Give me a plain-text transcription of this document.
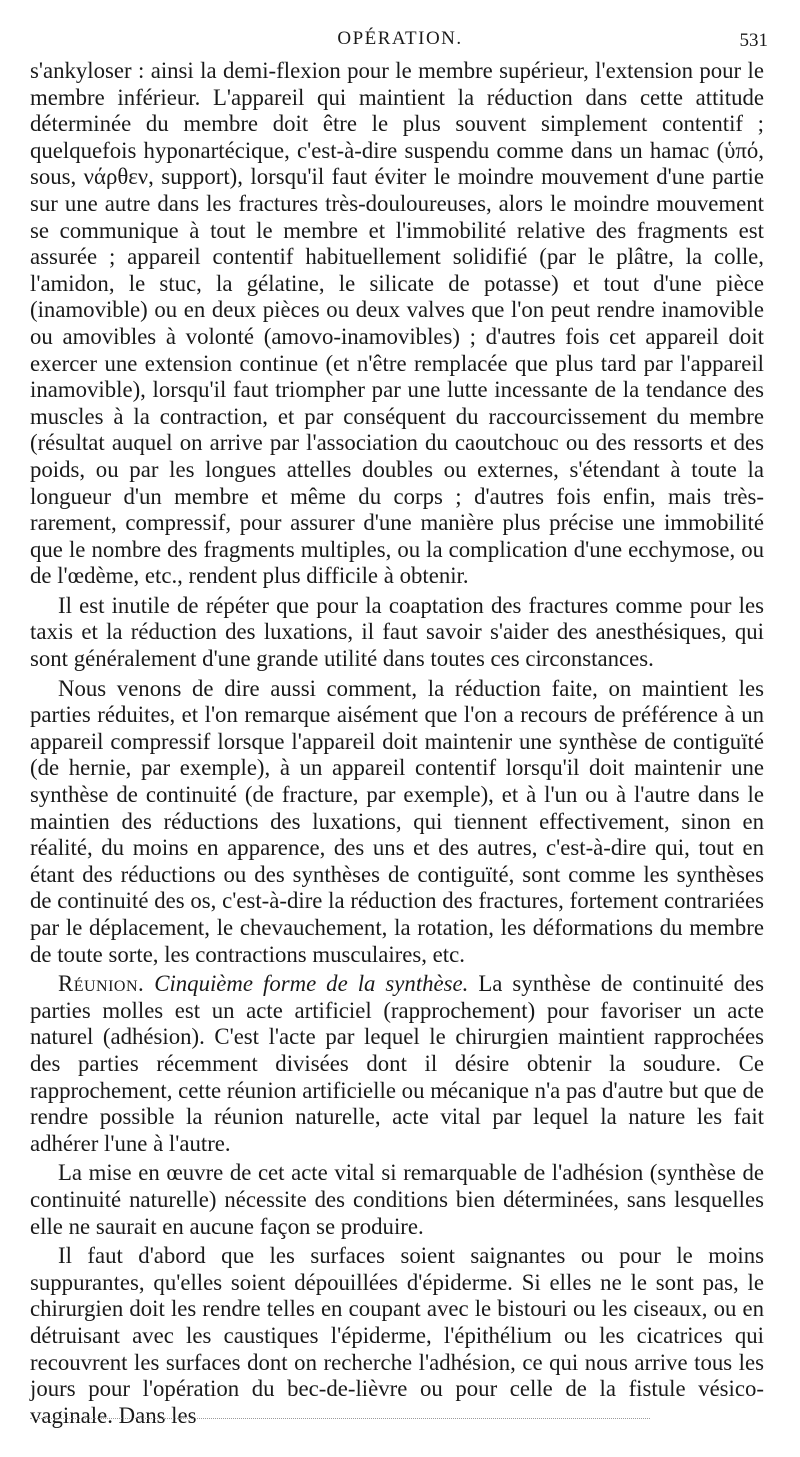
OPÉRATION.	531

s'ankyloser : ainsi la demi-flexion pour le membre supérieur, l'extension pour le membre inférieur. L'appareil qui maintient la réduction dans cette attitude déterminée du membre doit être le plus souvent simplement contentif ; quelquefois hyponartécique, c'est-à-dire suspendu comme dans un hamac (ὑπό, sous, νάρθεν, support), lorsqu'il faut éviter le moindre mouvement d'une partie sur une autre dans les fractures très-douloureuses, alors le moindre mouvement se communique à tout le membre et l'immobilité relative des fragments est assurée ; appareil contentif habituellement solidifié (par le plâtre, la colle, l'amidon, le stuc, la gélatine, le silicate de potasse) et tout d'une pièce (inamovible) ou en deux pièces ou deux valves que l'on peut rendre inamovible ou amovibles à volonté (amovo-inamovibles) ; d'autres fois cet appareil doit exercer une extension continue (et n'être remplacée que plus tard par l'appareil inamovible), lorsqu'il faut triompher par une lutte incessante de la tendance des muscles à la contraction, et par conséquent du raccourcissement du membre (résultat auquel on arrive par l'association du caoutchouc ou des ressorts et des poids, ou par les longues attelles doubles ou externes, s'étendant à toute la longueur d'un membre et même du corps ; d'autres fois enfin, mais très-rarement, compressif, pour assurer d'une manière plus précise une immobilité que le nombre des fragments multiples, ou la complication d'une ecchymose, ou de l'œdème, etc., rendent plus difficile à obtenir.

Il est inutile de répéter que pour la coaptation des fractures comme pour les taxis et la réduction des luxations, il faut savoir s'aider des anesthésiques, qui sont généralement d'une grande utilité dans toutes ces circonstances.

Nous venons de dire aussi comment, la réduction faite, on maintient les parties réduites, et l'on remarque aisément que l'on a recours de préférence à un appareil compressif lorsque l'appareil doit maintenir une synthèse de contiguïté (de hernie, par exemple), à un appareil contentif lorsqu'il doit maintenir une synthèse de continuité (de fracture, par exemple), et à l'un ou à l'autre dans le maintien des réductions des luxations, qui tiennent effectivement, sinon en réalité, du moins en apparence, des uns et des autres, c'est-à-dire qui, tout en étant des réductions ou des synthèses de contiguïté, sont comme les synthèses de continuité des os, c'est-à-dire la réduction des fractures, fortement contrariées par le déplacement, le chevauchement, la rotation, les déformations du membre de toute sorte, les contractions musculaires, etc.

Réunion. Cinquième forme de la synthèse. La synthèse de continuité des parties molles est un acte artificiel (rapprochement) pour favoriser un acte naturel (adhésion). C'est l'acte par lequel le chirurgien maintient rapprochées des parties récemment divisées dont il désire obtenir la soudure. Ce rapprochement, cette réunion artificielle ou mécanique n'a pas d'autre but que de rendre possible la réunion naturelle, acte vital par lequel la nature les fait adhérer l'une à l'autre.

La mise en œuvre de cet acte vital si remarquable de l'adhésion (synthèse de continuité naturelle) nécessite des conditions bien déterminées, sans lesquelles elle ne saurait en aucune façon se produire.

Il faut d'abord que les surfaces soient saignantes ou pour le moins suppurantes, qu'elles soient dépouillées d'épiderme. Si elles ne le sont pas, le chirurgien doit les rendre telles en coupant avec le bistouri ou les ciseaux, ou en détruisant avec les caustiques l'épiderme, l'épithélium ou les cicatrices qui recouvrent les surfaces dont on recherche l'adhésion, ce qui nous arrive tous les jours pour l'opération du bec-de-lièvre ou pour celle de la fistule vésico-vaginale. Dans les
